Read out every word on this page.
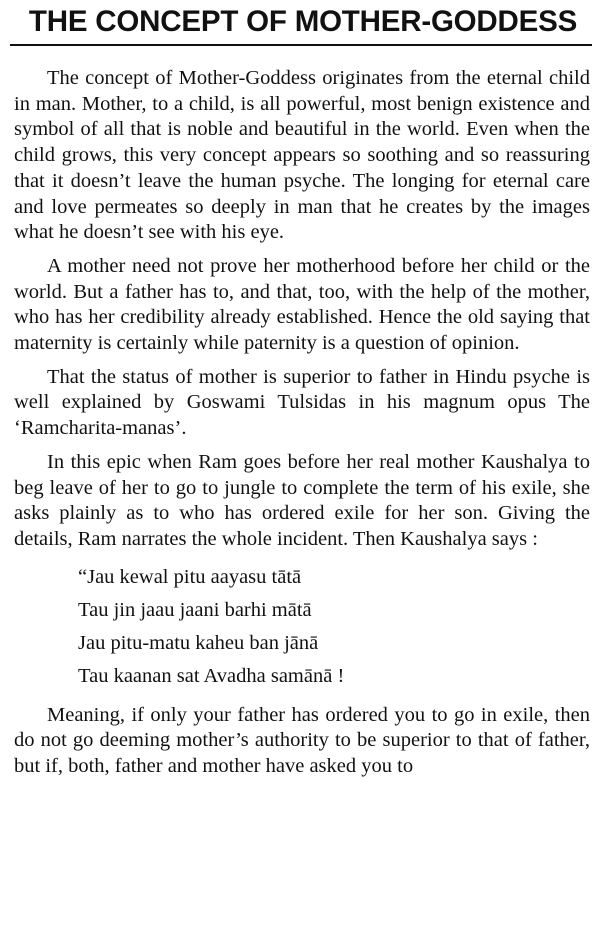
THE CONCEPT OF MOTHER-GODDESS

The concept of Mother-Goddess originates from the eternal child in man. Mother, to a child, is all powerful, most benign existence and symbol of all that is noble and beautiful in the world. Even when the child grows, this very concept appears so soothing and so reassuring that it doesn’t leave the human psyche. The longing for eternal care and love permeates so deeply in man that he creates by the images what he doesn’t see with his eye.

A mother need not prove her motherhood before her child or the world. But a father has to, and that, too, with the help of the mother, who has her credibility already established. Hence the old saying that maternity is certainly while paternity is a question of opinion.

That the status of mother is superior to father in Hindu psyche is well explained by Goswami Tulsidas in his magnum opus The ‘Ramcharita-manas’.

In this epic when Ram goes before her real mother Kaushalya to beg leave of her to go to jungle to complete the term of his exile, she asks plainly as to who has ordered exile for her son. Giving the details, Ram narrates the whole incident. Then Kaushalya says :

“Jau kewal pitu aayasu tātā
Tau jin jaau jaani barhi mātā
Jau pitu-matu kaheu ban jānā
Tau kaanan sat Avadha samānā !

Meaning, if only your father has ordered you to go in exile, then do not go deeming mother’s authority to be superior to that of father, but if, both, father and mother have asked you to
